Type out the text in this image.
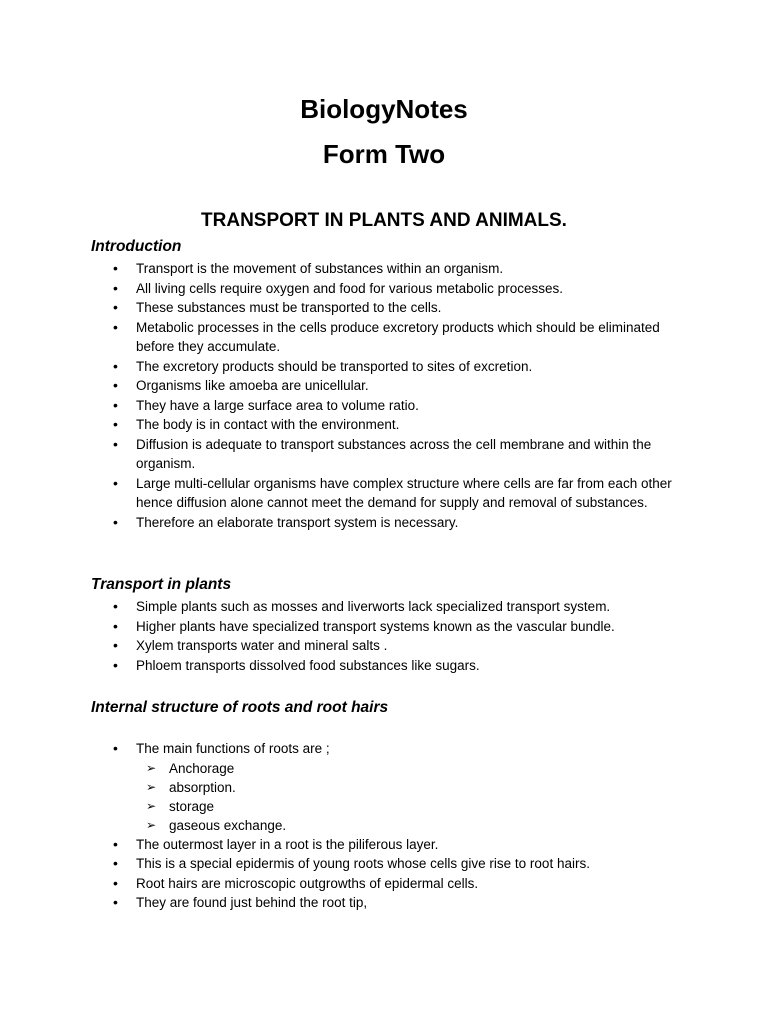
BiologyNotes
Form Two
TRANSPORT IN PLANTS AND ANIMALS.
Introduction
• Transport is the movement of substances within an organism.
• All living cells require oxygen and food for various metabolic processes.
• These substances must be transported to the cells.
• Metabolic processes in the cells produce excretory products which should be eliminated before they accumulate.
• The excretory products should be transported to sites of excretion.
• Organisms like amoeba are unicellular.
• They have a large surface area to volume ratio.
• The body is in contact with the environment.
• Diffusion is adequate to transport substances across the cell membrane and within the organism.
• Large multi-cellular organisms have complex structure where cells are far from each other hence diffusion alone cannot meet the demand for supply and removal of substances.
• Therefore an elaborate transport system is necessary.
Transport in plants
• Simple plants such as mosses and liverworts lack specialized transport system.
• Higher plants have specialized transport systems known as the vascular bundle.
• Xylem transports water and mineral salts .
• Phloem transports dissolved food substances like sugars.
Internal structure of roots and root hairs
• The main functions of roots are ;
➢ Anchorage
➢ absorption.
➢ storage
➢ gaseous exchange.
• The outermost layer in a root is the piliferous layer.
• This is a special epidermis of young roots whose cells give rise to root hairs.
• Root hairs are microscopic outgrowths of epidermal cells.
• They are found just behind the root tip,
